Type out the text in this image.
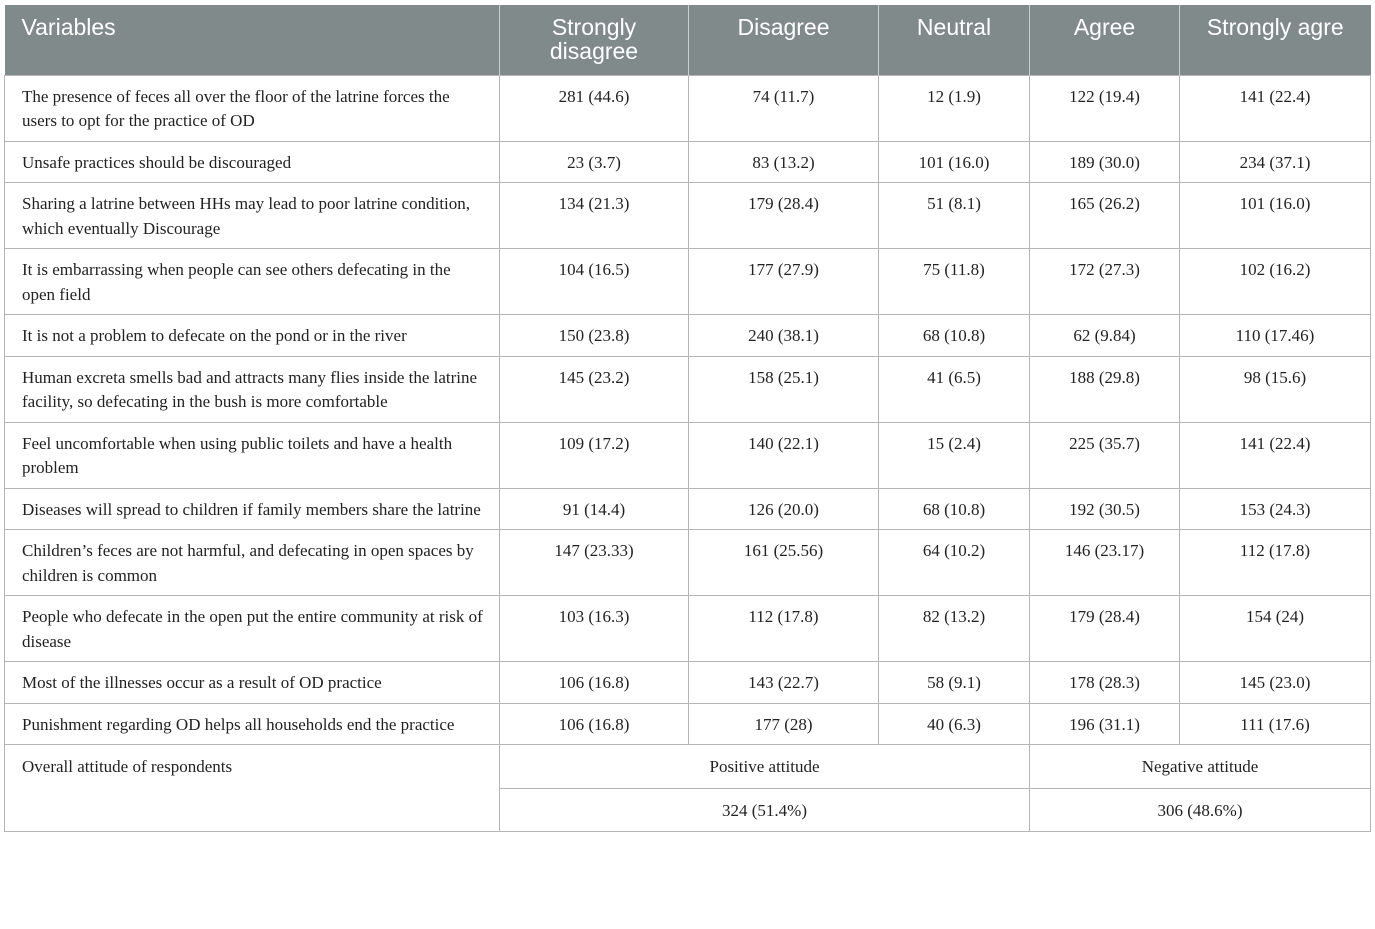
Variables	Strongly disagree	Disagree	Neutral	Agree	Strongly agre
The presence of feces all over the floor of the latrine forces the users to opt for the practice of OD	281 (44.6)	74 (11.7)	12 (1.9)	122 (19.4)	141 (22.4)
Unsafe practices should be discouraged	23 (3.7)	83 (13.2)	101 (16.0)	189 (30.0)	234 (37.1)
Sharing a latrine between HHs may lead to poor latrine condition, which eventually Discourage	134 (21.3)	179 (28.4)	51 (8.1)	165 (26.2)	101 (16.0)
It is embarrassing when people can see others defecating in the open field	104 (16.5)	177 (27.9)	75 (11.8)	172 (27.3)	102 (16.2)
It is not a problem to defecate on the pond or in the river	150 (23.8)	240 (38.1)	68 (10.8)	62 (9.84)	110 (17.46)
Human excreta smells bad and attracts many flies inside the latrine facility, so defecating in the bush is more comfortable	145 (23.2)	158 (25.1)	41 (6.5)	188 (29.8)	98 (15.6)
Feel uncomfortable when using public toilets and have a health problem	109 (17.2)	140 (22.1)	15 (2.4)	225 (35.7)	141 (22.4)
Diseases will spread to children if family members share the latrine	91 (14.4)	126 (20.0)	68 (10.8)	192 (30.5)	153 (24.3)
Children’s feces are not harmful, and defecating in open spaces by children is common	147 (23.33)	161 (25.56)	64 (10.2)	146 (23.17)	112 (17.8)
People who defecate in the open put the entire community at risk of disease	103 (16.3)	112 (17.8)	82 (13.2)	179 (28.4)	154 (24)
Most of the illnesses occur as a result of OD practice	106 (16.8)	143 (22.7)	58 (9.1)	178 (28.3)	145 (23.0)
Punishment regarding OD helps all households end the practice	106 (16.8)	177 (28)	40 (6.3)	196 (31.1)	111 (17.6)
Overall attitude of respondents	Positive attitude			Negative attitude	
	324 (51.4%)			306 (48.6%)	
